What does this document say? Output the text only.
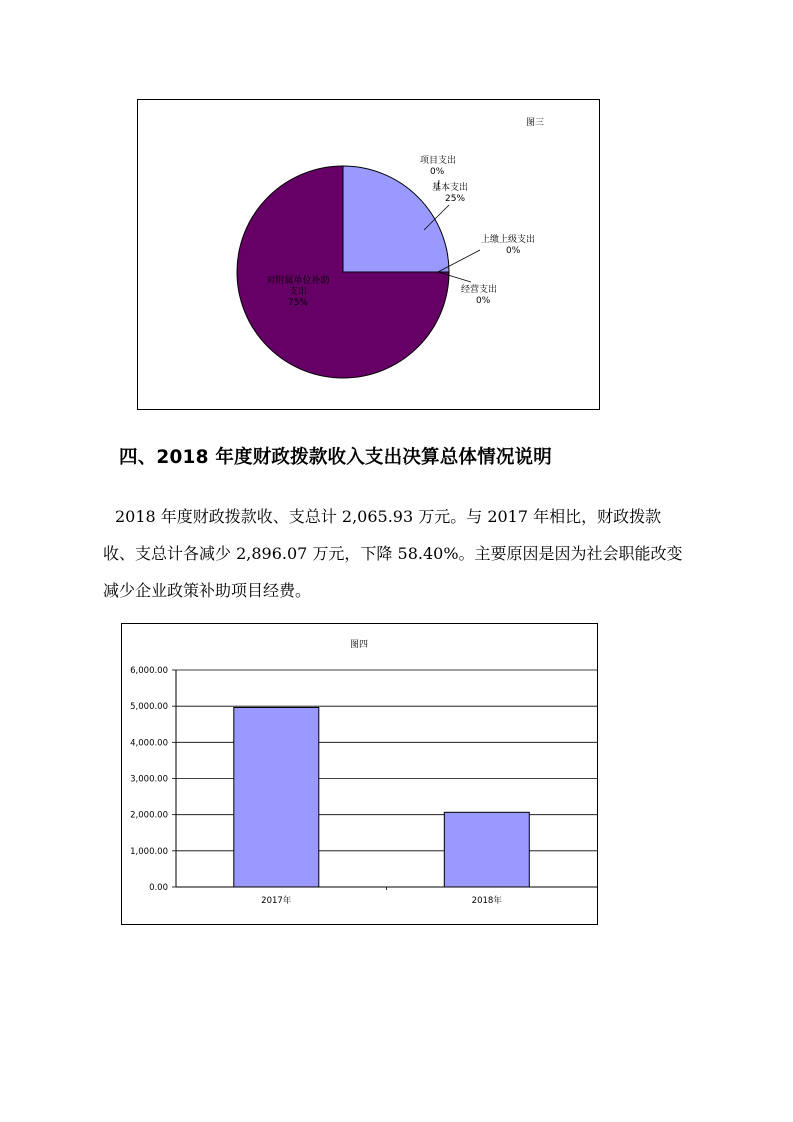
图三
项目支出
0%
基本支出
25%
上缴上级支出
0%
经营支出
0%
对附属单位补助
支出
75%
四、2018 年度财政拨款收入支出决算总体情况说明
2018 年度财政拨款收、支总计 2,065.93 万元。与 2017 年相比，财政拨款
收、支总计各减少 2,896.07 万元，下降 58.40%。主要原因是因为社会职能改变
减少企业政策补助项目经费。
图四
0.00
1,000.00
2,000.00
3,000.00
4,000.00
5,000.00
6,000.00
2017年	2018年
